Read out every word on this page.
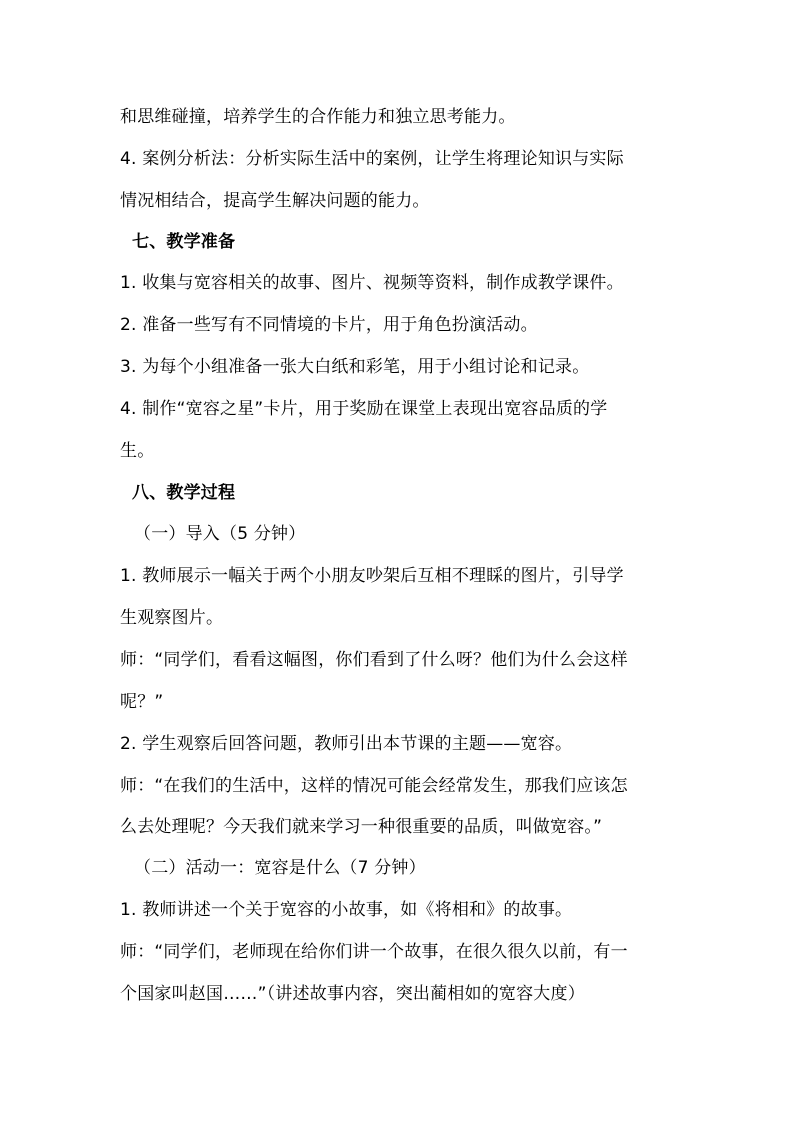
和思维碰撞，培养学生的合作能力和独立思考能力。
4. 案例分析法：分析实际生活中的案例，让学生将理论知识与实际
情况相结合，提高学生解决问题的能力。
七、教学准备
1. 收集与宽容相关的故事、图片、视频等资料，制作成教学课件。
2. 准备一些写有不同情境的卡片，用于角色扮演活动。
3. 为每个小组准备一张大白纸和彩笔，用于小组讨论和记录。
4. 制作“宽容之星”卡片，用于奖励在课堂上表现出宽容品质的学
生。
八、教学过程
（一）导入（5 分钟）
1. 教师展示一幅关于两个小朋友吵架后互相不理睬的图片，引导学
生观察图片。
师：“同学们，看看这幅图，你们看到了什么呀？他们为什么会这样
呢？”
2. 学生观察后回答问题，教师引出本节课的主题——宽容。
师：“在我们的生活中，这样的情况可能会经常发生，那我们应该怎
么去处理呢？今天我们就来学习一种很重要的品质，叫做宽容。”
（二）活动一：宽容是什么（7 分钟）
1. 教师讲述一个关于宽容的小故事，如《将相和》的故事。
师：“同学们，老师现在给你们讲一个故事，在很久很久以前，有一
个国家叫赵国……”（讲述故事内容，突出蔺相如的宽容大度）
